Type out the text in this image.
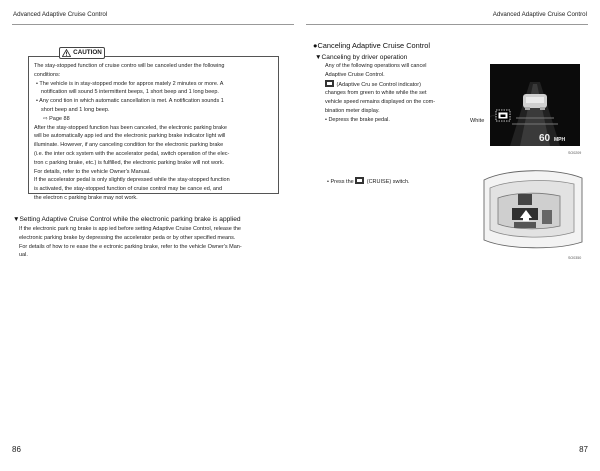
Advanced Adaptive Cruise Control	Advanced Adaptive Cruise Control
CAUTION

The stay-stopped function of cruise contro will be canceled under the following

conditions:

• The vehicle is in stay-stopped mode for approx mately 2 minutes or more. A

notification will sound 5 intermittent beeps, 1 short beep and 1 long beep.

• Any cond tion in which automatic cancellation is met. A notification sounds 1

short beep and 1 long beep.

⇨ Page 88

After the stay-stopped function has been canceled, the electronic parking brake

will be automatically app ied and the electronic parking brake indicator light will

illuminate. However, if any canceling condition for the electronic parking brake

(i.e. the inter ock system with the accelerator pedal, switch operation of the elec-

tron c parking brake, etc.) is fulfilled, the electronic parking brake will not work.

For details, refer to the vehicle Owner's Manual.

If the accelerator pedal is only slightly depressed while the stay-stopped function

is activated, the stay-stopped function of cruise control may be cance ed, and

the electron c parking brake may not work.

▼Setting Adaptive Cruise Control while the electronic parking brake is applied

If the electronic park ng brake is app ied before setting Adaptive Cruise Control, release the

electronic parking brake by depressing the accelerator peda or by other specified means.

For details of how to re ease the e ectronic parking brake, refer to the vehicle Owner's Man-

ual.

●Canceling Adaptive Cruise Control
▼Canceling by driver operation

Any of the following operations will cancel

Adaptive Cruise Control.

(Adaptive Cru se Control indicator)

changes from green to white while the set

vehicle speed remains displayed on the com-

bination meter display.

• Depress the brake pedal.

• Press the (CRUISE) switch.
White
60 MPH
SO0209
SO0350
86	87
